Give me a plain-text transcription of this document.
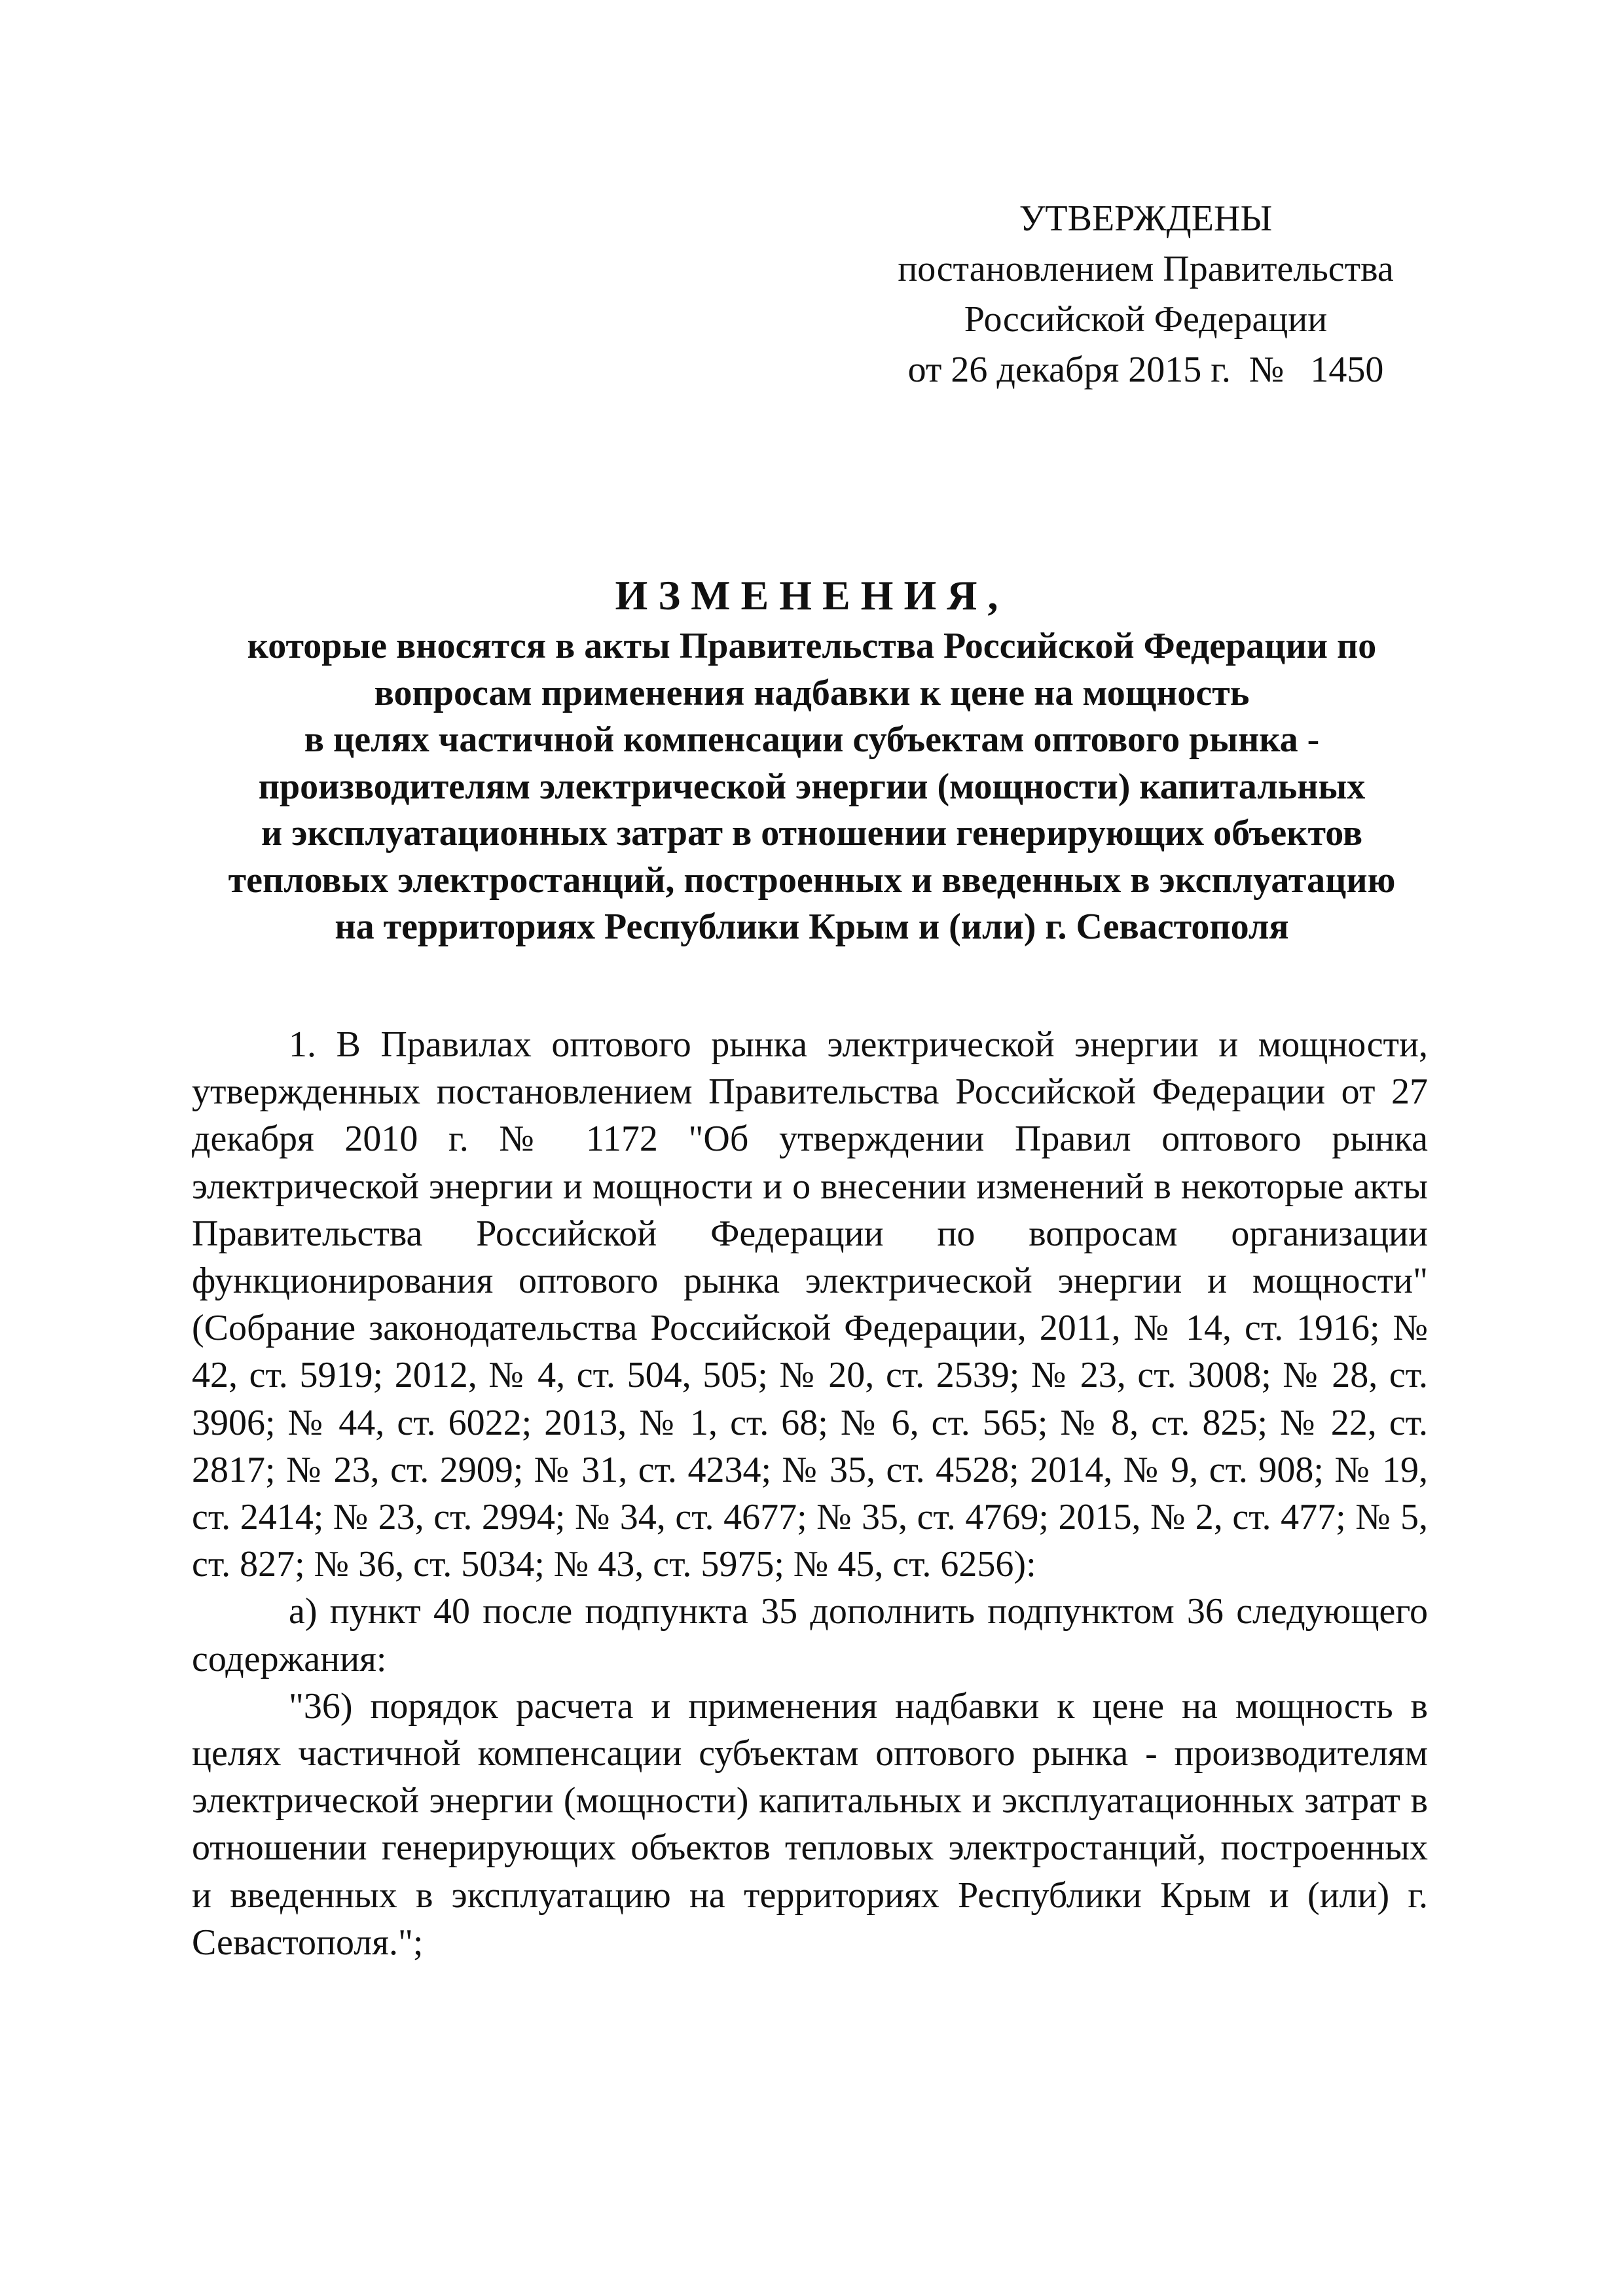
УТВЕРЖДЕНЫ
постановлением Правительства
Российской Федерации
от 26 декабря 2015 г. № 1450
ИЗМЕНЕНИЯ,
которые вносятся в акты Правительства Российской Федерации по
вопросам применения надбавки к цене на мощность
в целях частичной компенсации субъектам оптового рынка -
производителям электрической энергии (мощности) капитальных
и эксплуатационных затрат в отношении генерирующих объектов
тепловых электростанций, построенных и введенных в эксплуатацию
на территориях Республики Крым и (или) г. Севастополя

1. В Правилах оптового рынка электрической энергии и мощности, утвержденных постановлением Правительства Российской Федерации от 27 декабря 2010 г. № 1172 "Об утверждении Правил оптового рынка электрической энергии и мощности и о внесении изменений в некоторые акты Правительства Российской Федерации по вопросам организации функционирования оптового рынка электрической энергии и мощности" (Собрание законодательства Российской Федерации, 2011, № 14, ст. 1916; № 42, ст. 5919; 2012, № 4, ст. 504, 505; № 20, ст. 2539; № 23, ст. 3008; № 28, ст. 3906; № 44, ст. 6022; 2013, № 1, ст. 68; № 6, ст. 565; № 8, ст. 825; № 22, ст. 2817; № 23, ст. 2909; № 31, ст. 4234; № 35, ст. 4528; 2014, № 9, ст. 908; № 19, ст. 2414; № 23, ст. 2994; № 34, ст. 4677; № 35, ст. 4769; 2015, № 2, ст. 477; № 5, ст. 827; № 36, ст. 5034; № 43, ст. 5975; № 45, ст. 6256):

а) пункт 40 после подпункта 35 дополнить подпунктом 36 следующего содержания:

"36) порядок расчета и применения надбавки к цене на мощность в целях частичной компенсации субъектам оптового рынка - производителям электрической энергии (мощности) капитальных и эксплуатационных затрат в отношении генерирующих объектов тепловых электростанций, построенных и введенных в эксплуатацию на территориях Республики Крым и (или) г. Севастополя.";
